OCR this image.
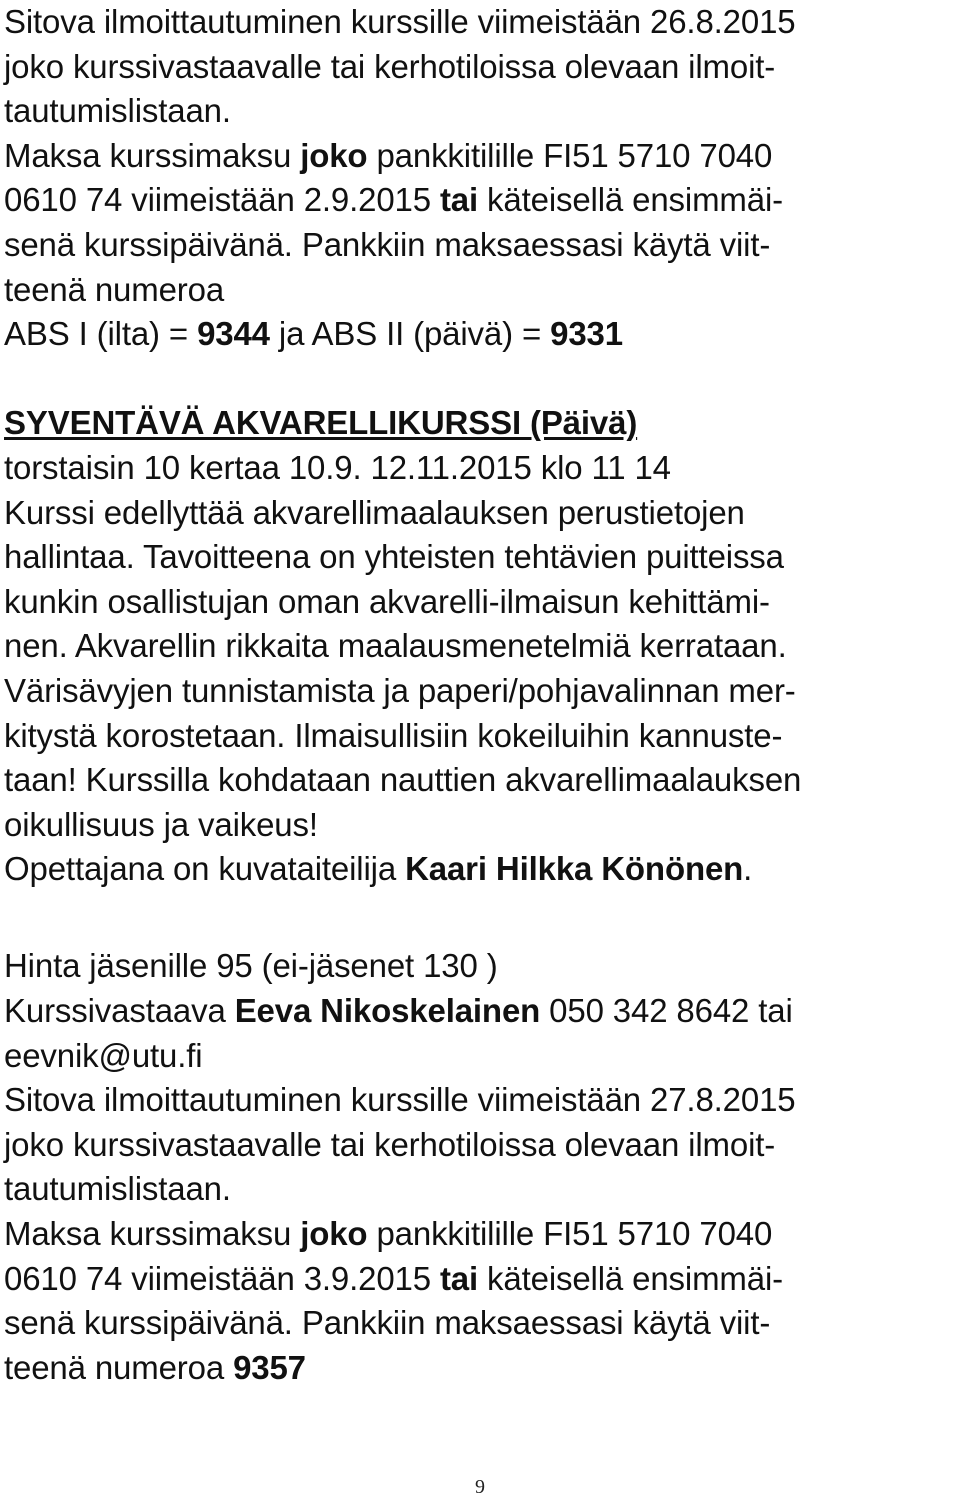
Sitova ilmoittautuminen kurssille viimeistään 26.8.2015
joko kurssivastaavalle tai kerhotiloissa olevaan ilmoit-
tautumislistaan.
Maksa kurssimaksu joko pankkitilille FI51 5710 7040
0610 74 viimeistään 2.9.2015 tai käteisellä ensimmäi-
senä kurssipäivänä. Pankkiin maksaessasi käytä viit-
teenä numeroa
ABS I (ilta) = 9344 ja ABS II (päivä) = 9331
SYVENTÄVÄ AKVARELLIKURSSI (Päivä)
torstaisin 10 kertaa 10.9. 12.11.2015 klo 11 14
Kurssi edellyttää akvarellimaalauksen perustietojen
hallintaa. Tavoitteena on yhteisten tehtävien puitteissa
kunkin osallistujan oman akvarelli-ilmaisun kehittämi-
nen. Akvarellin rikkaita maalausmenetelmiä kerrataan.
Värisävyjen tunnistamista ja paperi/pohjavalinnan mer-
kitystä korostetaan. Ilmaisullisiin kokeiluihin kannuste-
taan! Kurssilla kohdataan nauttien akvarellimaalauksen
oikullisuus ja vaikeus!
Opettajana on kuvataiteilija Kaari Hilkka Könönen.
Hinta jäsenille 95 (ei-jäsenet 130 )
Kurssivastaava Eeva Nikoskelainen 050 342 8642 tai
eevnik@utu.fi
Sitova ilmoittautuminen kurssille viimeistään 27.8.2015
joko kurssivastaavalle tai kerhotiloissa olevaan ilmoit-
tautumislistaan.
Maksa kurssimaksu joko pankkitilille FI51 5710 7040
0610 74 viimeistään 3.9.2015 tai käteisellä ensimmäi-
senä kurssipäivänä. Pankkiin maksaessasi käytä viit-
teenä numeroa 9357
9
